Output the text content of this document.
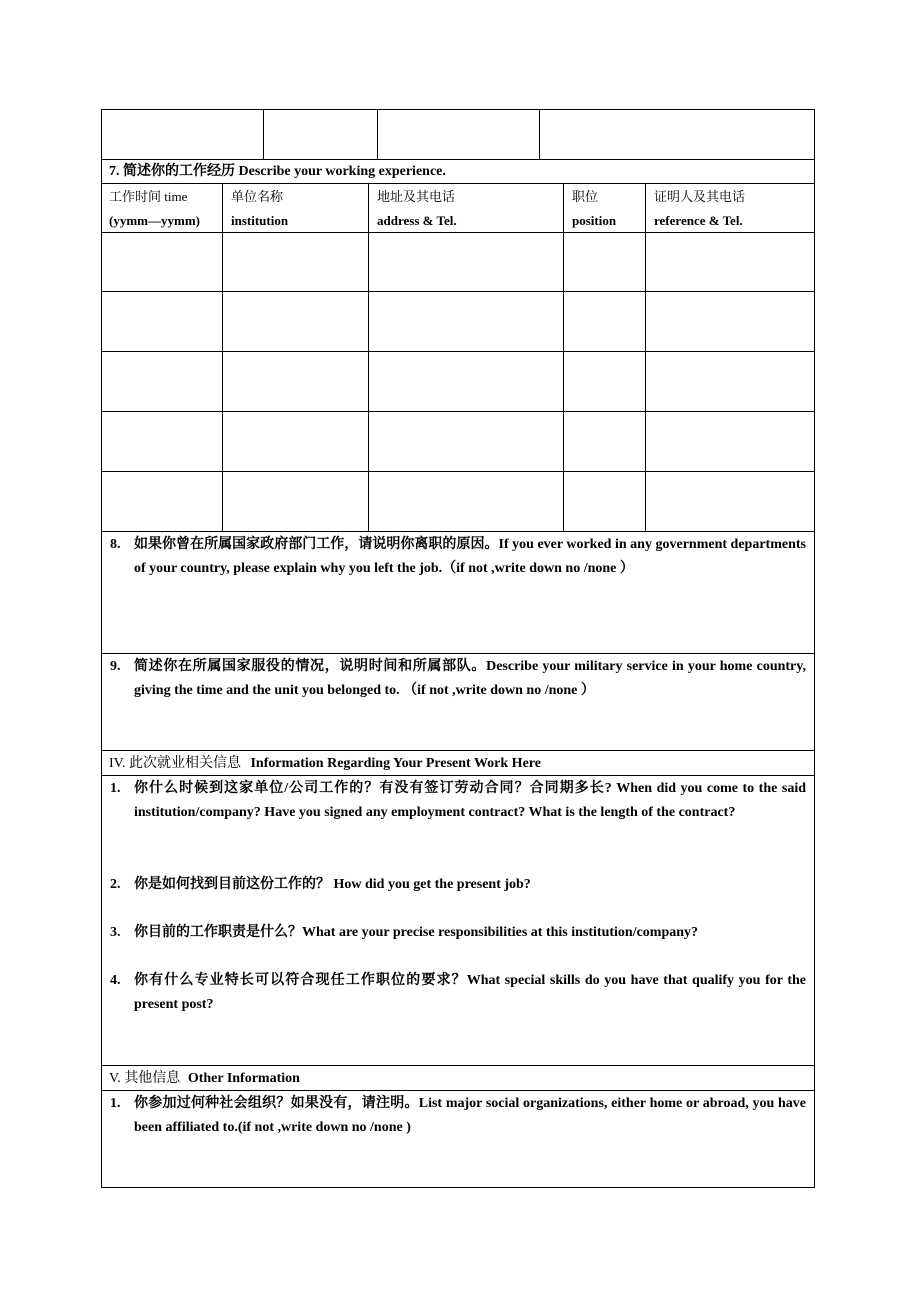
7. 简述你的工作经历 Describe your working experience.
工作时间 time
(yymm—yymm)
单位名称
institution
地址及其电话
address & Tel.
职位
position
证明人及其电话
reference & Tel.
8. 如果你曾在所属国家政府部门工作，请说明你离职的原因。If you ever worked in any government departments of your country, please explain why you left the job.（if not ,write down no /none ）
9. 简述你在所属国家服役的情况，说明时间和所属部队。Describe your military service in your home country, giving the time and the unit you belonged to. （if not ,write down no /none ）
IV. 此次就业相关信息 Information Regarding Your Present Work Here
1. 你什么时候到这家单位/公司工作的？有没有签订劳动合同？合同期多长? When did you come to the said institution/company? Have you signed any employment contract? What is the length of the contract?
2. 你是如何找到目前这份工作的？ How did you get the present job?
3. 你目前的工作职责是什么？What are your precise responsibilities at this institution/company?
4. 你有什么专业特长可以符合现任工作职位的要求？What special skills do you have that qualify you for the present post?
V. 其他信息 Other Information
1. 你参加过何种社会组织？如果没有，请注明。List major social organizations, either home or abroad, you have been affiliated to.(if not ,write down no /none )
